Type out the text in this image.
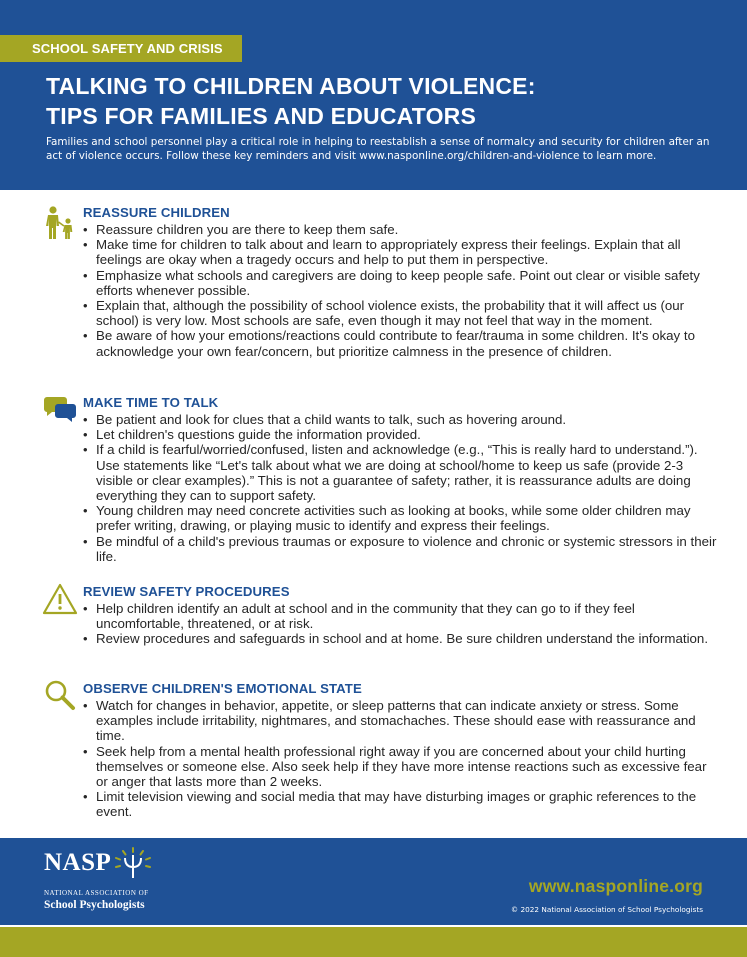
SCHOOL SAFETY AND CRISIS
TALKING TO CHILDREN ABOUT VIOLENCE:
TIPS FOR FAMILIES AND EDUCATORS

Families and school personnel play a critical role in helping to reestablish a sense of normalcy and security for children after an act of violence occurs. Follow these key reminders and visit www.nasponline.org/children-and-violence to learn more.

REASSURE CHILDREN
• Reassure children you are there to keep them safe.
• Make time for children to talk about and learn to appropriately express their feelings. Explain that all feelings are okay when a tragedy occurs and help to put them in perspective.
• Emphasize what schools and caregivers are doing to keep people safe. Point out clear or visible safety efforts whenever possible.
• Explain that, although the possibility of school violence exists, the probability that it will affect us (our school) is very low. Most schools are safe, even though it may not feel that way in the moment.
• Be aware of how your emotions/reactions could contribute to fear/trauma in some children. It's okay to acknowledge your own fear/concern, but prioritize calmness in the presence of children.
MAKE TIME TO TALK
• Be patient and look for clues that a child wants to talk, such as hovering around.
• Let children's questions guide the information provided.
• If a child is fearful/worried/confused, listen and acknowledge (e.g., “This is really hard to understand.”). Use statements like “Let's talk about what we are doing at school/home to keep us safe (provide 2-3 visible or clear examples).” This is not a guarantee of safety; rather, it is reassurance adults are doing everything they can to support safety.
• Young children may need concrete activities such as looking at books, while some older children may prefer writing, drawing, or playing music to identify and express their feelings.
• Be mindful of a child's previous traumas or exposure to violence and chronic or systemic stressors in their life.
REVIEW SAFETY PROCEDURES
• Help children identify an adult at school and in the community that they can go to if they feel uncomfortable, threatened, or at risk.
• Review procedures and safeguards in school and at home. Be sure children understand the information.
OBSERVE CHILDREN'S EMOTIONAL STATE
• Watch for changes in behavior, appetite, or sleep patterns that can indicate anxiety or stress. Some examples include irritability, nightmares, and stomachaches. These should ease with reassurance and time.
• Seek help from a mental health professional right away if you are concerned about your child hurting themselves or someone else. Also seek help if they have more intense reactions such as excessive fear or anger that lasts more than 2 weeks.
• Limit television viewing and social media that may have disturbing images or graphic references to the event.
NASP
NATIONAL ASSOCIATION OF
School Psychologists
www.nasponline.org
© 2022 National Association of School Psychologists
